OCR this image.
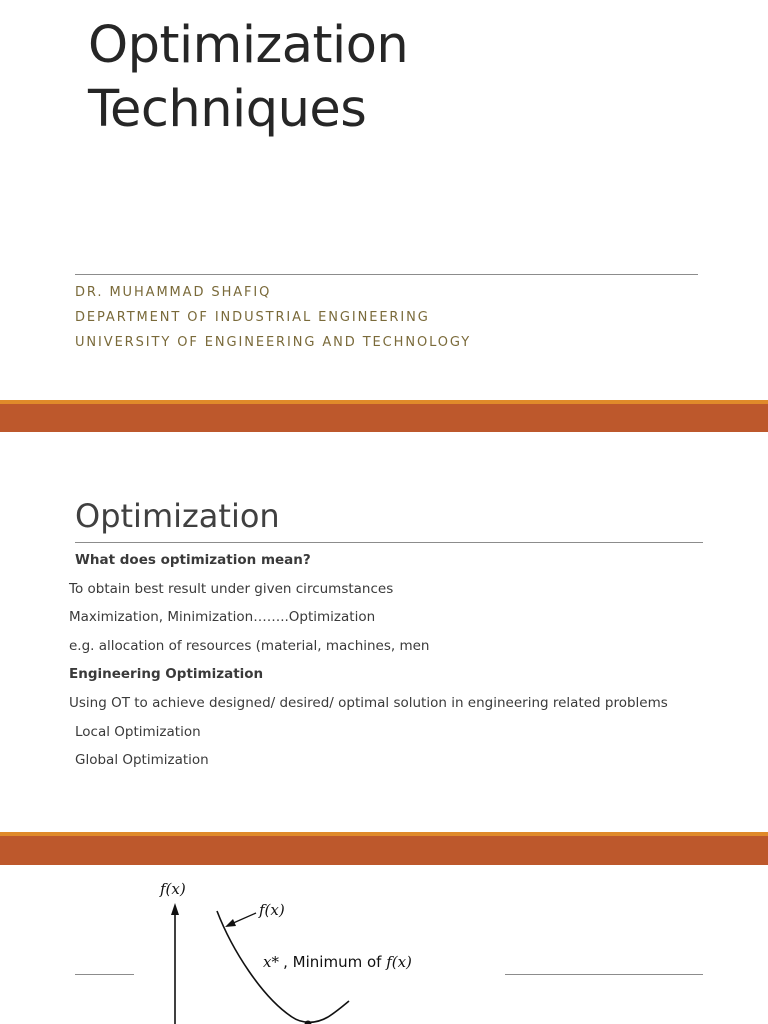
Optimization
Techniques
DR. MUHAMMAD SHAFIQ
DEPARTMENT OF INDUSTRIAL ENGINEERING
UNIVERSITY OF ENGINEERING AND TECHNOLOGY
Optimization
What does optimization mean?
To obtain best result under given circumstances
Maximization, Minimization……..Optimization
e.g. allocation of resources (material, machines, men
Engineering Optimization
Using OT to achieve designed/ desired/ optimal solution in engineering related problems
Local Optimization
Global Optimization
f(x)
f(x)
x* , Minimum of f(x)
